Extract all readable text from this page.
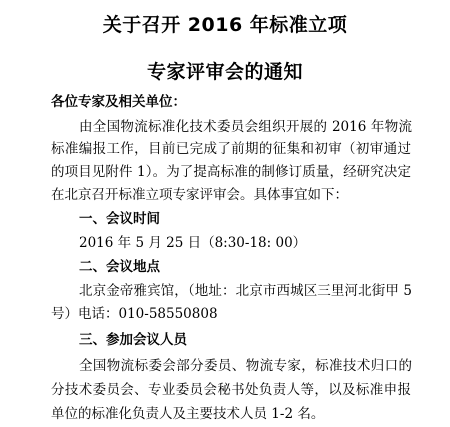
关于召开 2016 年标准立项
专家评审会的通知
各位专家及相关单位：
由全国物流标准化技术委员会组织开展的 2016 年物流
标准编报工作，目前已完成了前期的征集和初审（初审通过
的项目见附件 1）。为了提高标准的制修订质量，经研究决定
在北京召开标准立项专家评审会。具体事宜如下：
一、会议时间
2016 年 5 月 25 日（8:30-18: 00）
二、会议地点
北京金帝雅宾馆，（地址：北京市西城区三里河北街甲 5
号）电话：010-58550808
三、参加会议人员
全国物流标委会部分委员、物流专家，标准技术归口的
分技术委员会、专业委员会秘书处负责人等，以及标准申报
单位的标准化负责人及主要技术人员 1-2 名。
